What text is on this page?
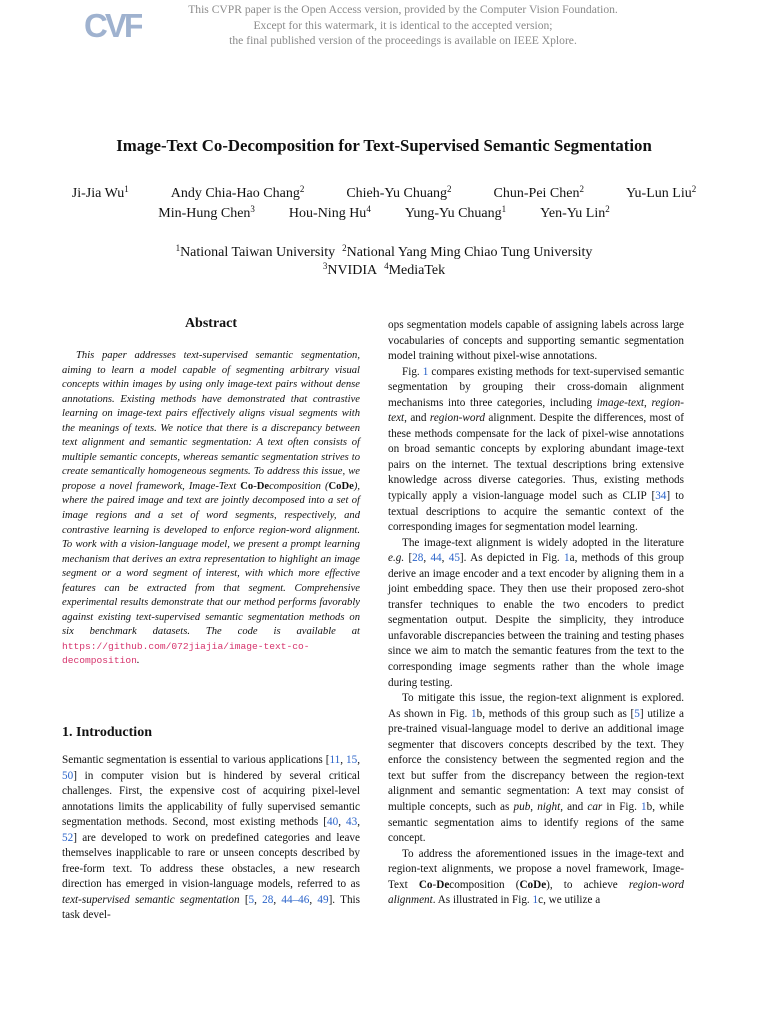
CVF	This CVPR paper is the Open Access version, provided by the Computer Vision Foundation.
Except for this watermark, it is identical to the accepted version;
the final published version of the proceedings is available on IEEE Xplore.
Image-Text Co-Decomposition for Text-Supervised Semantic Segmentation
Ji-Jia Wu$^1$	Andy Chia-Hao Chang$^2$	Chieh-Yu Chuang$^2$	Chun-Pei Chen$^2$	Yu-Lun Liu$^2$
Min-Hung Chen$^3$ Hou-Ning Hu$^4$ Yung-Yu Chuang$^1$ Yen-Yu Lin$^2$
$^1$National Taiwan University $^2$National Yang Ming Chiao Tung University
$^3$NVIDIA $^4$MediaTek
Abstract
This paper addresses text-supervised semantic segmentation, aiming to learn a model capable of segmenting arbitrary visual concepts within images by using only image-text pairs without dense annotations. Existing methods have demonstrated that contrastive learning on image-text pairs effectively aligns visual segments with the meanings of texts. We notice that there is a discrepancy between text alignment and semantic segmentation: A text often consists of multiple semantic concepts, whereas semantic segmentation strives to create semantically homogeneous segments. To address this issue, we propose a novel framework, Image-Text Co-Decomposition (CoDe), where the paired image and text are jointly decomposed into a set of image regions and a set of word segments, respectively, and contrastive learning is developed to enforce region-word alignment. To work with a vision-language model, we present a prompt learning mechanism that derives an extra representation to highlight an image segment or a word segment of interest, with which more effective features can be extracted from that segment. Comprehensive experimental results demonstrate that our method performs favorably against existing text-supervised semantic segmentation methods on six benchmark datasets. The code is available at https://github.com/072jiajia/image-text-co-decomposition.
1. Introduction

Semantic segmentation is essential to various applications [11, 15, 50] in computer vision but is hindered by several critical challenges. First, the expensive cost of acquiring pixel-level annotations limits the applicability of fully supervised semantic segmentation methods. Second, most existing methods [40, 43, 52] are developed to work on predefined categories and leave themselves inapplicable to rare or unseen concepts described by free-form text. To address these obstacles, a new research direction has emerged in vision-language models, referred to as text-supervised semantic segmentation [5, 28, 44–46, 49]. This task devel-

ops segmentation models capable of assigning labels across large vocabularies of concepts and supporting semantic segmentation model training without pixel-wise annotations.

Fig. 1 compares existing methods for text-supervised semantic segmentation by grouping their cross-domain alignment mechanisms into three categories, including image-text, region-text, and region-word alignment. Despite the differences, most of these methods compensate for the lack of pixel-wise annotations on broad semantic concepts by exploring abundant image-text pairs on the internet. The textual descriptions bring extensive knowledge across diverse categories. Thus, existing methods typically apply a vision-language model such as CLIP [34] to textual descriptions to acquire the semantic context of the corresponding images for segmentation model learning.

The image-text alignment is widely adopted in the literature e.g. [28, 44, 45]. As depicted in Fig. 1a, methods of this group derive an image encoder and a text encoder by aligning them in a joint embedding space. They then use their proposed zero-shot transfer techniques to enable the two encoders to predict segmentation output. Despite the simplicity, they introduce unfavorable discrepancies between the training and testing phases since we aim to match the semantic features from the text to the corresponding image segments rather than the whole image during testing.

To mitigate this issue, the region-text alignment is explored. As shown in Fig. 1b, methods of this group such as [5] utilize a pre-trained visual-language model to derive an additional image segmenter that discovers concepts described by the text. They enforce the consistency between the segmented region and the text but suffer from the discrepancy between the region-text alignment and semantic segmentation: A text may consist of multiple concepts, such as pub, night, and car in Fig. 1b, while semantic segmentation aims to identify regions of the same concept.

To address the aforementioned issues in the image-text and region-text alignments, we propose a novel framework, Image-Text Co-Decomposition (CoDe), to achieve region-word alignment. As illustrated in Fig. 1c, we utilize a
